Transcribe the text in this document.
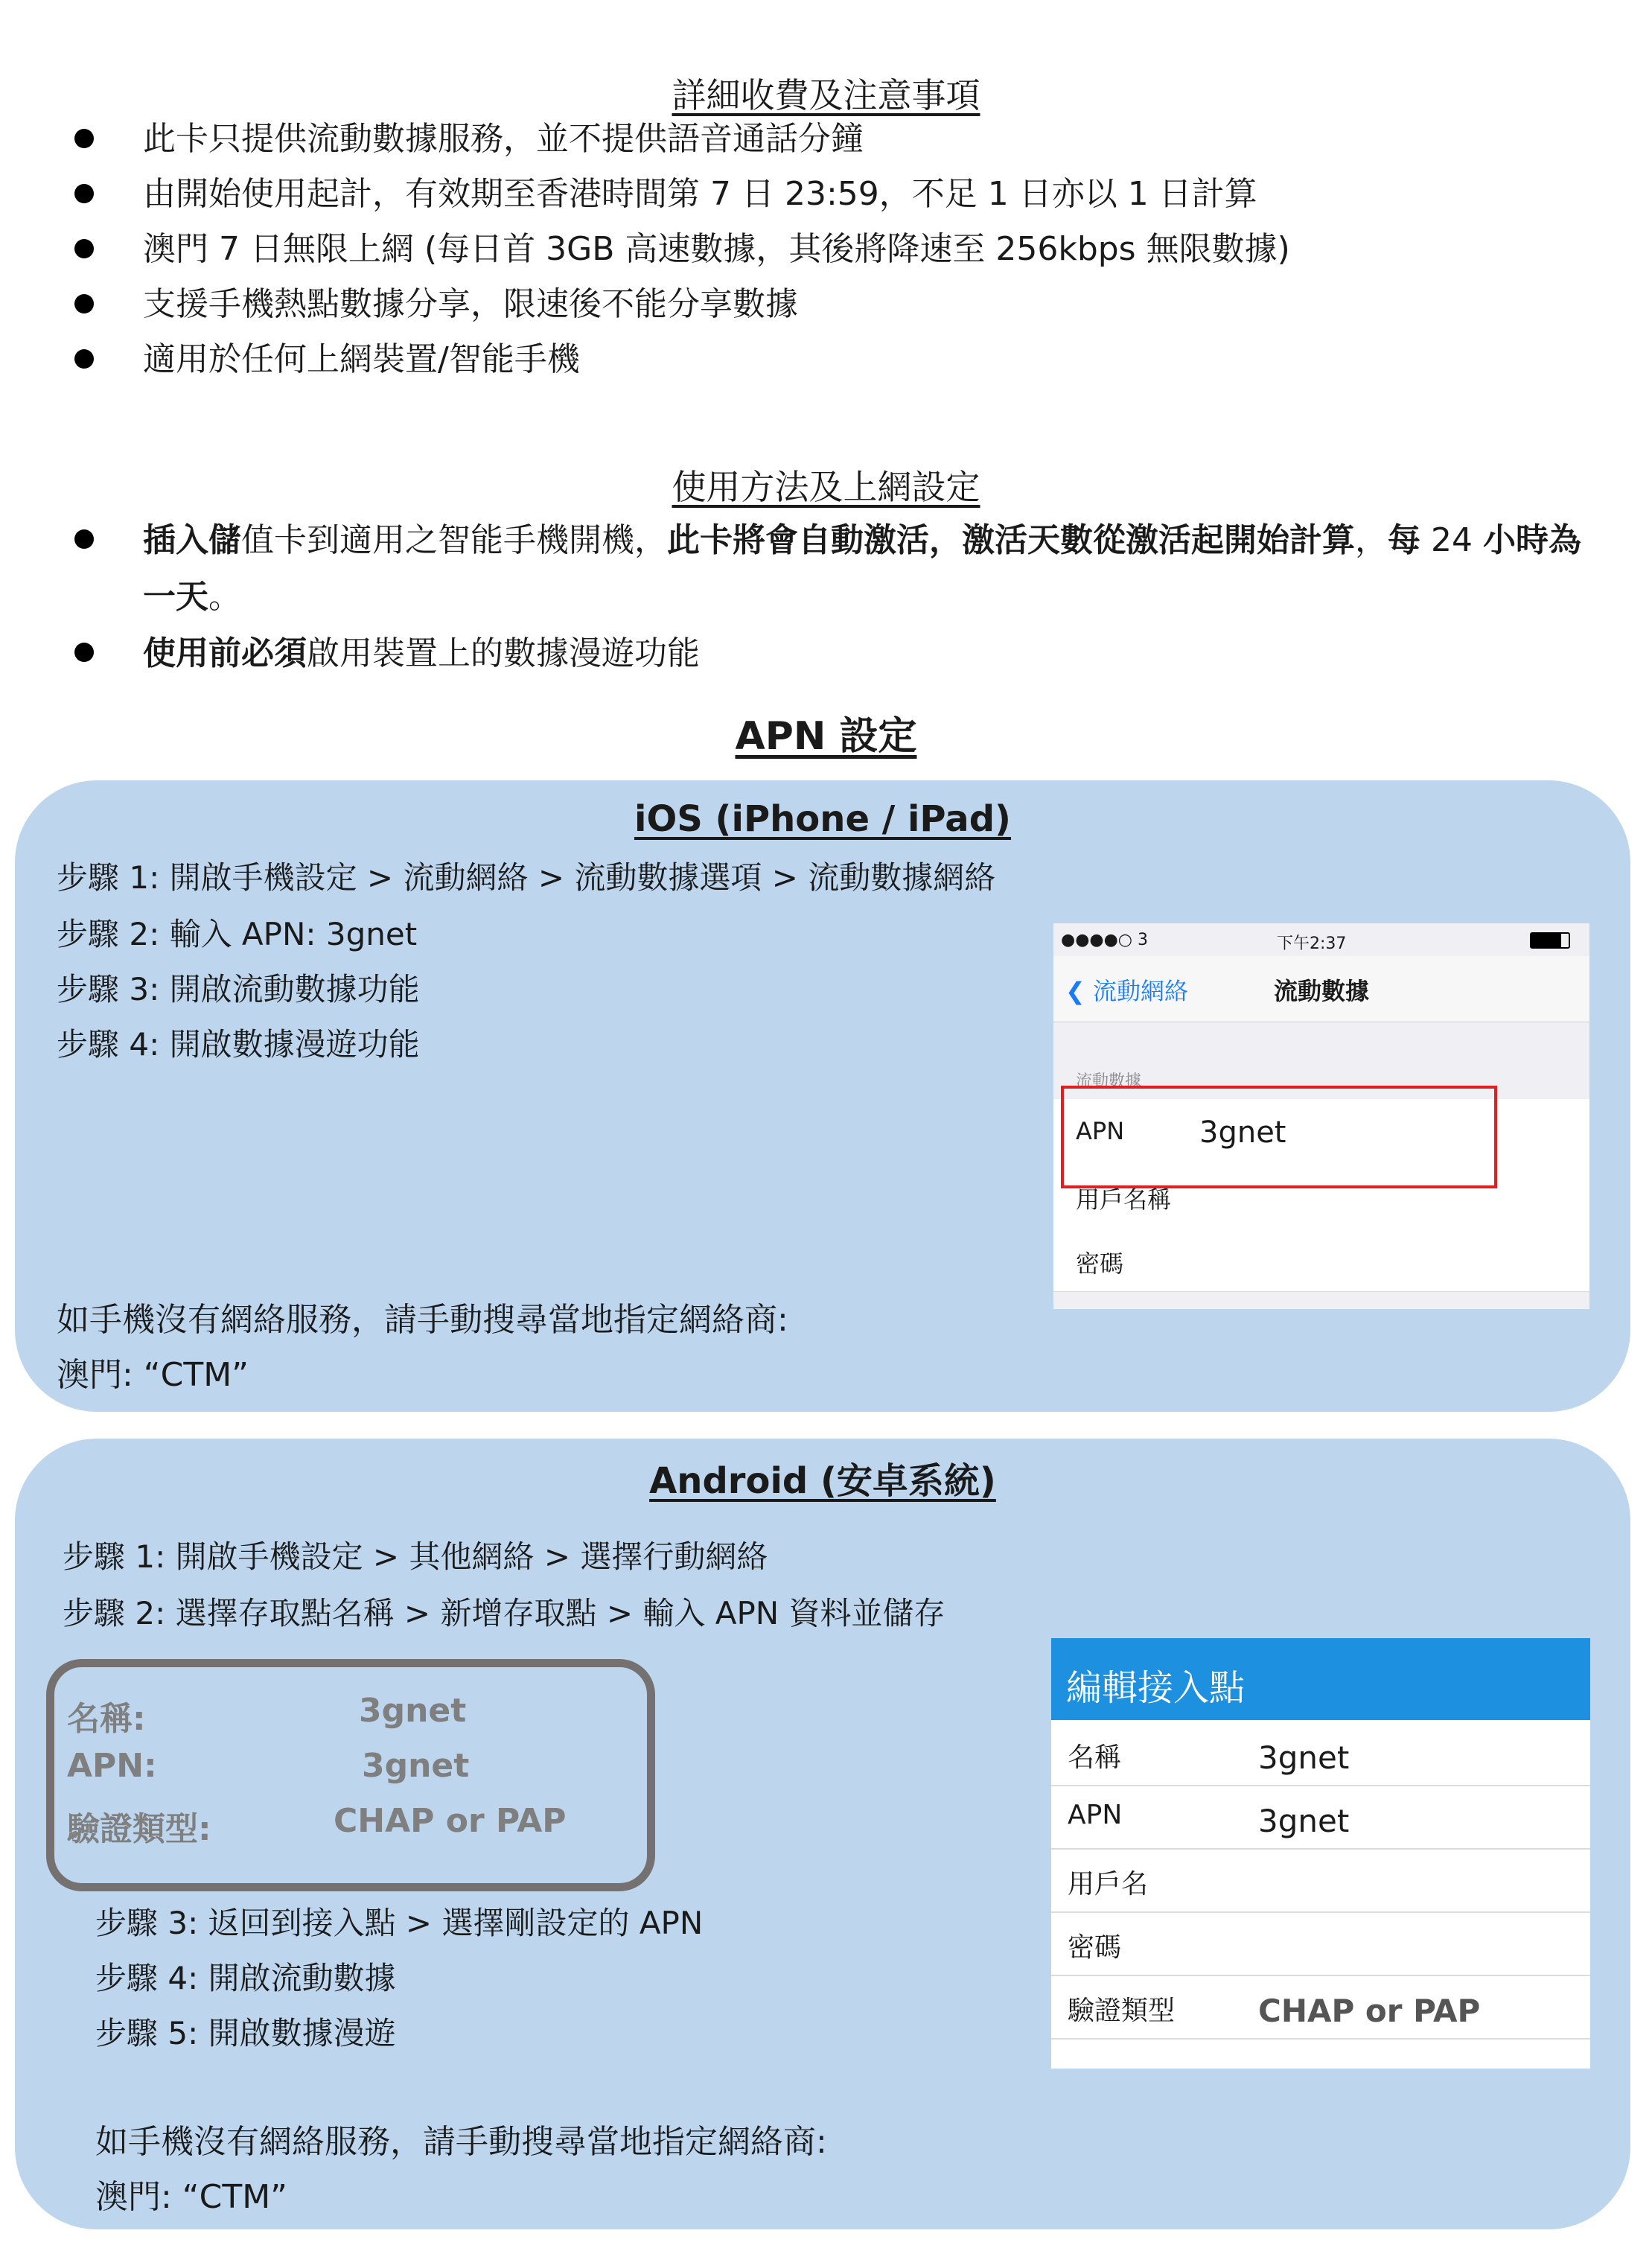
詳細收費及注意事項
此卡只提供流動數據服務，並不提供語音通話分鐘
由開始使用起計，有效期至香港時間第 7 日 23:59，不足 1 日亦以 1 日計算
澳門 7 日無限上網 (每日首 3GB 高速數據，其後將降速至 256kbps 無限數據)
支援手機熱點數據分享，限速後不能分享數據
適用於任何上網裝置/智能手機
使用方法及上網設定
插入儲值卡到適用之智能手機開機，此卡將會自動激活，激活天數從激活起開始計算，每 24 小時為
一天。
使用前必須啟用裝置上的數據漫遊功能
APN 設定
iOS (iPhone / iPad)
步驟 1: 開啟手機設定 > 流動網絡 > 流動數據選項 > 流動數據網絡
步驟 2: 輸入 APN: 3gnet
步驟 3: 開啟流動數據功能
步驟 4: 開啟數據漫遊功能
如手機沒有網絡服務，請手動搜尋當地指定網絡商:
澳門: “CTM”
●●●●○ 3	下午2:37
❮ 流動網絡	流動數據
流動數據
APN	3gnet
用戶名稱
密碼
Android (安卓系統)
步驟 1: 開啟手機設定 > 其他網絡 > 選擇行動網絡
步驟 2: 選擇存取點名稱 > 新增存取點 > 輸入 APN 資料並儲存
名稱:	3gnet
APN:	3gnet
驗證類型:	CHAP or PAP
步驟 3: 返回到接入點 > 選擇剛設定的 APN
步驟 4: 開啟流動數據
步驟 5: 開啟數據漫遊
如手機沒有網絡服務，請手動搜尋當地指定網絡商:
澳門: “CTM”
編輯接入點
名稱	3gnet
APN	3gnet
用戶名
密碼
驗證類型	CHAP or PAP
